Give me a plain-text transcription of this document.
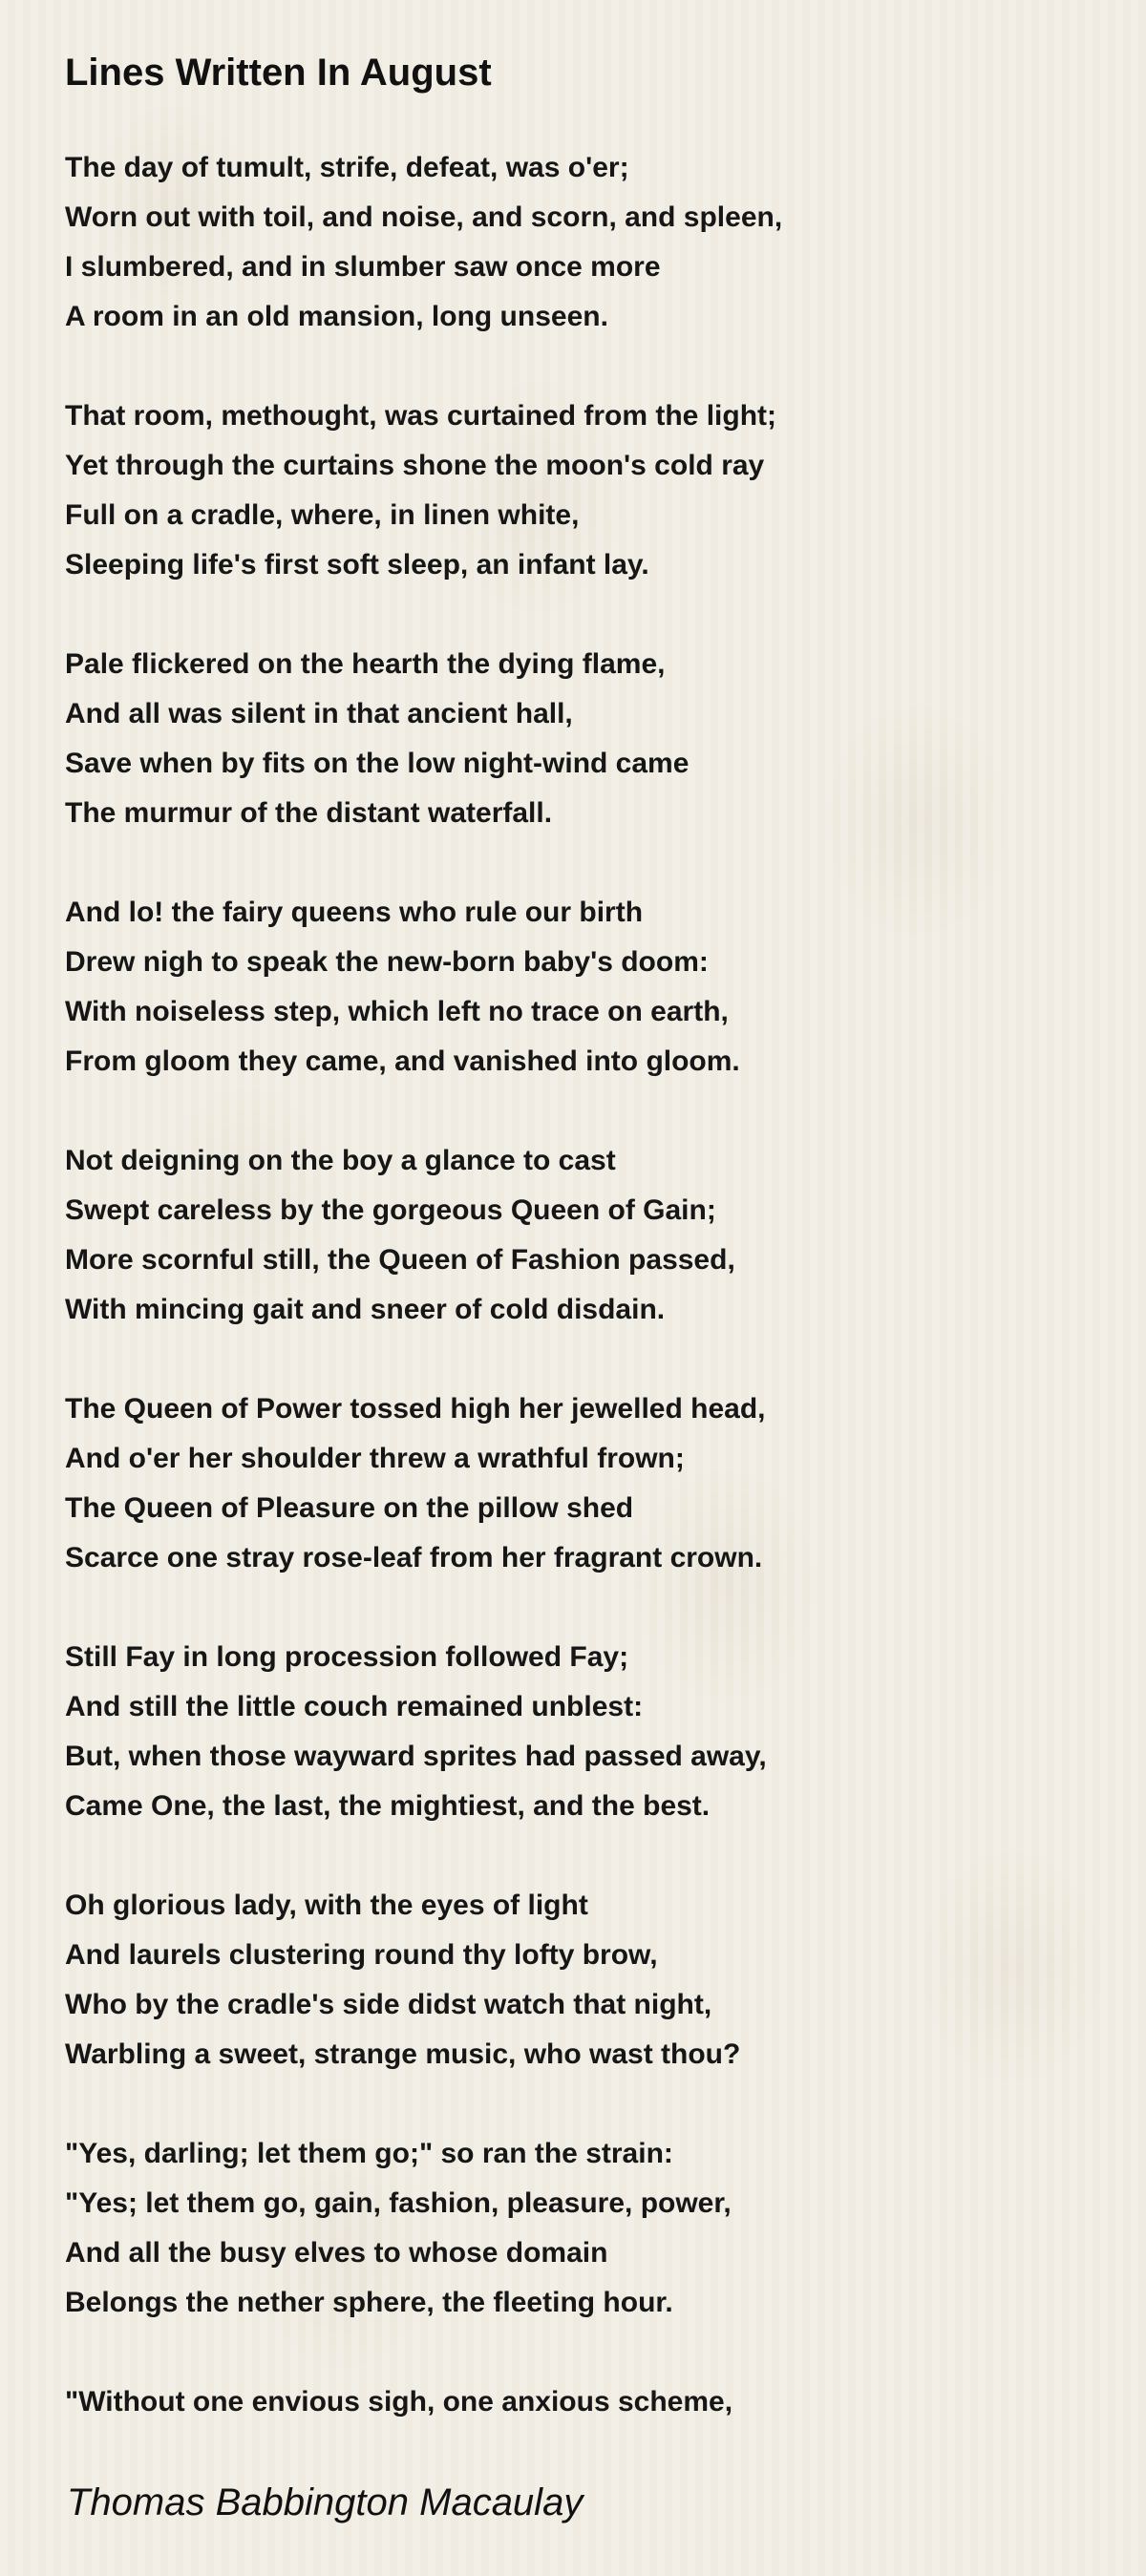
Lines Written In August
The day of tumult, strife, defeat, was o'er;
Worn out with toil, and noise, and scorn, and spleen,
I slumbered, and in slumber saw once more
A room in an old mansion, long unseen.
That room, methought, was curtained from the light;
Yet through the curtains shone the moon's cold ray
Full on a cradle, where, in linen white,
Sleeping life's first soft sleep, an infant lay.
Pale flickered on the hearth the dying flame,
And all was silent in that ancient hall,
Save when by fits on the low night-wind came
The murmur of the distant waterfall.
And lo! the fairy queens who rule our birth
Drew nigh to speak the new-born baby's doom:
With noiseless step, which left no trace on earth,
From gloom they came, and vanished into gloom.
Not deigning on the boy a glance to cast
Swept careless by the gorgeous Queen of Gain;
More scornful still, the Queen of Fashion passed,
With mincing gait and sneer of cold disdain.
The Queen of Power tossed high her jewelled head,
And o'er her shoulder threw a wrathful frown;
The Queen of Pleasure on the pillow shed
Scarce one stray rose-leaf from her fragrant crown.
Still Fay in long procession followed Fay;
And still the little couch remained unblest:
But, when those wayward sprites had passed away,
Came One, the last, the mightiest, and the best.
Oh glorious lady, with the eyes of light
And laurels clustering round thy lofty brow,
Who by the cradle's side didst watch that night,
Warbling a sweet, strange music, who wast thou?
"Yes, darling; let them go;" so ran the strain:
"Yes; let them go, gain, fashion, pleasure, power,
And all the busy elves to whose domain
Belongs the nether sphere, the fleeting hour.
"Without one envious sigh, one anxious scheme,
Thomas Babbington Macaulay
